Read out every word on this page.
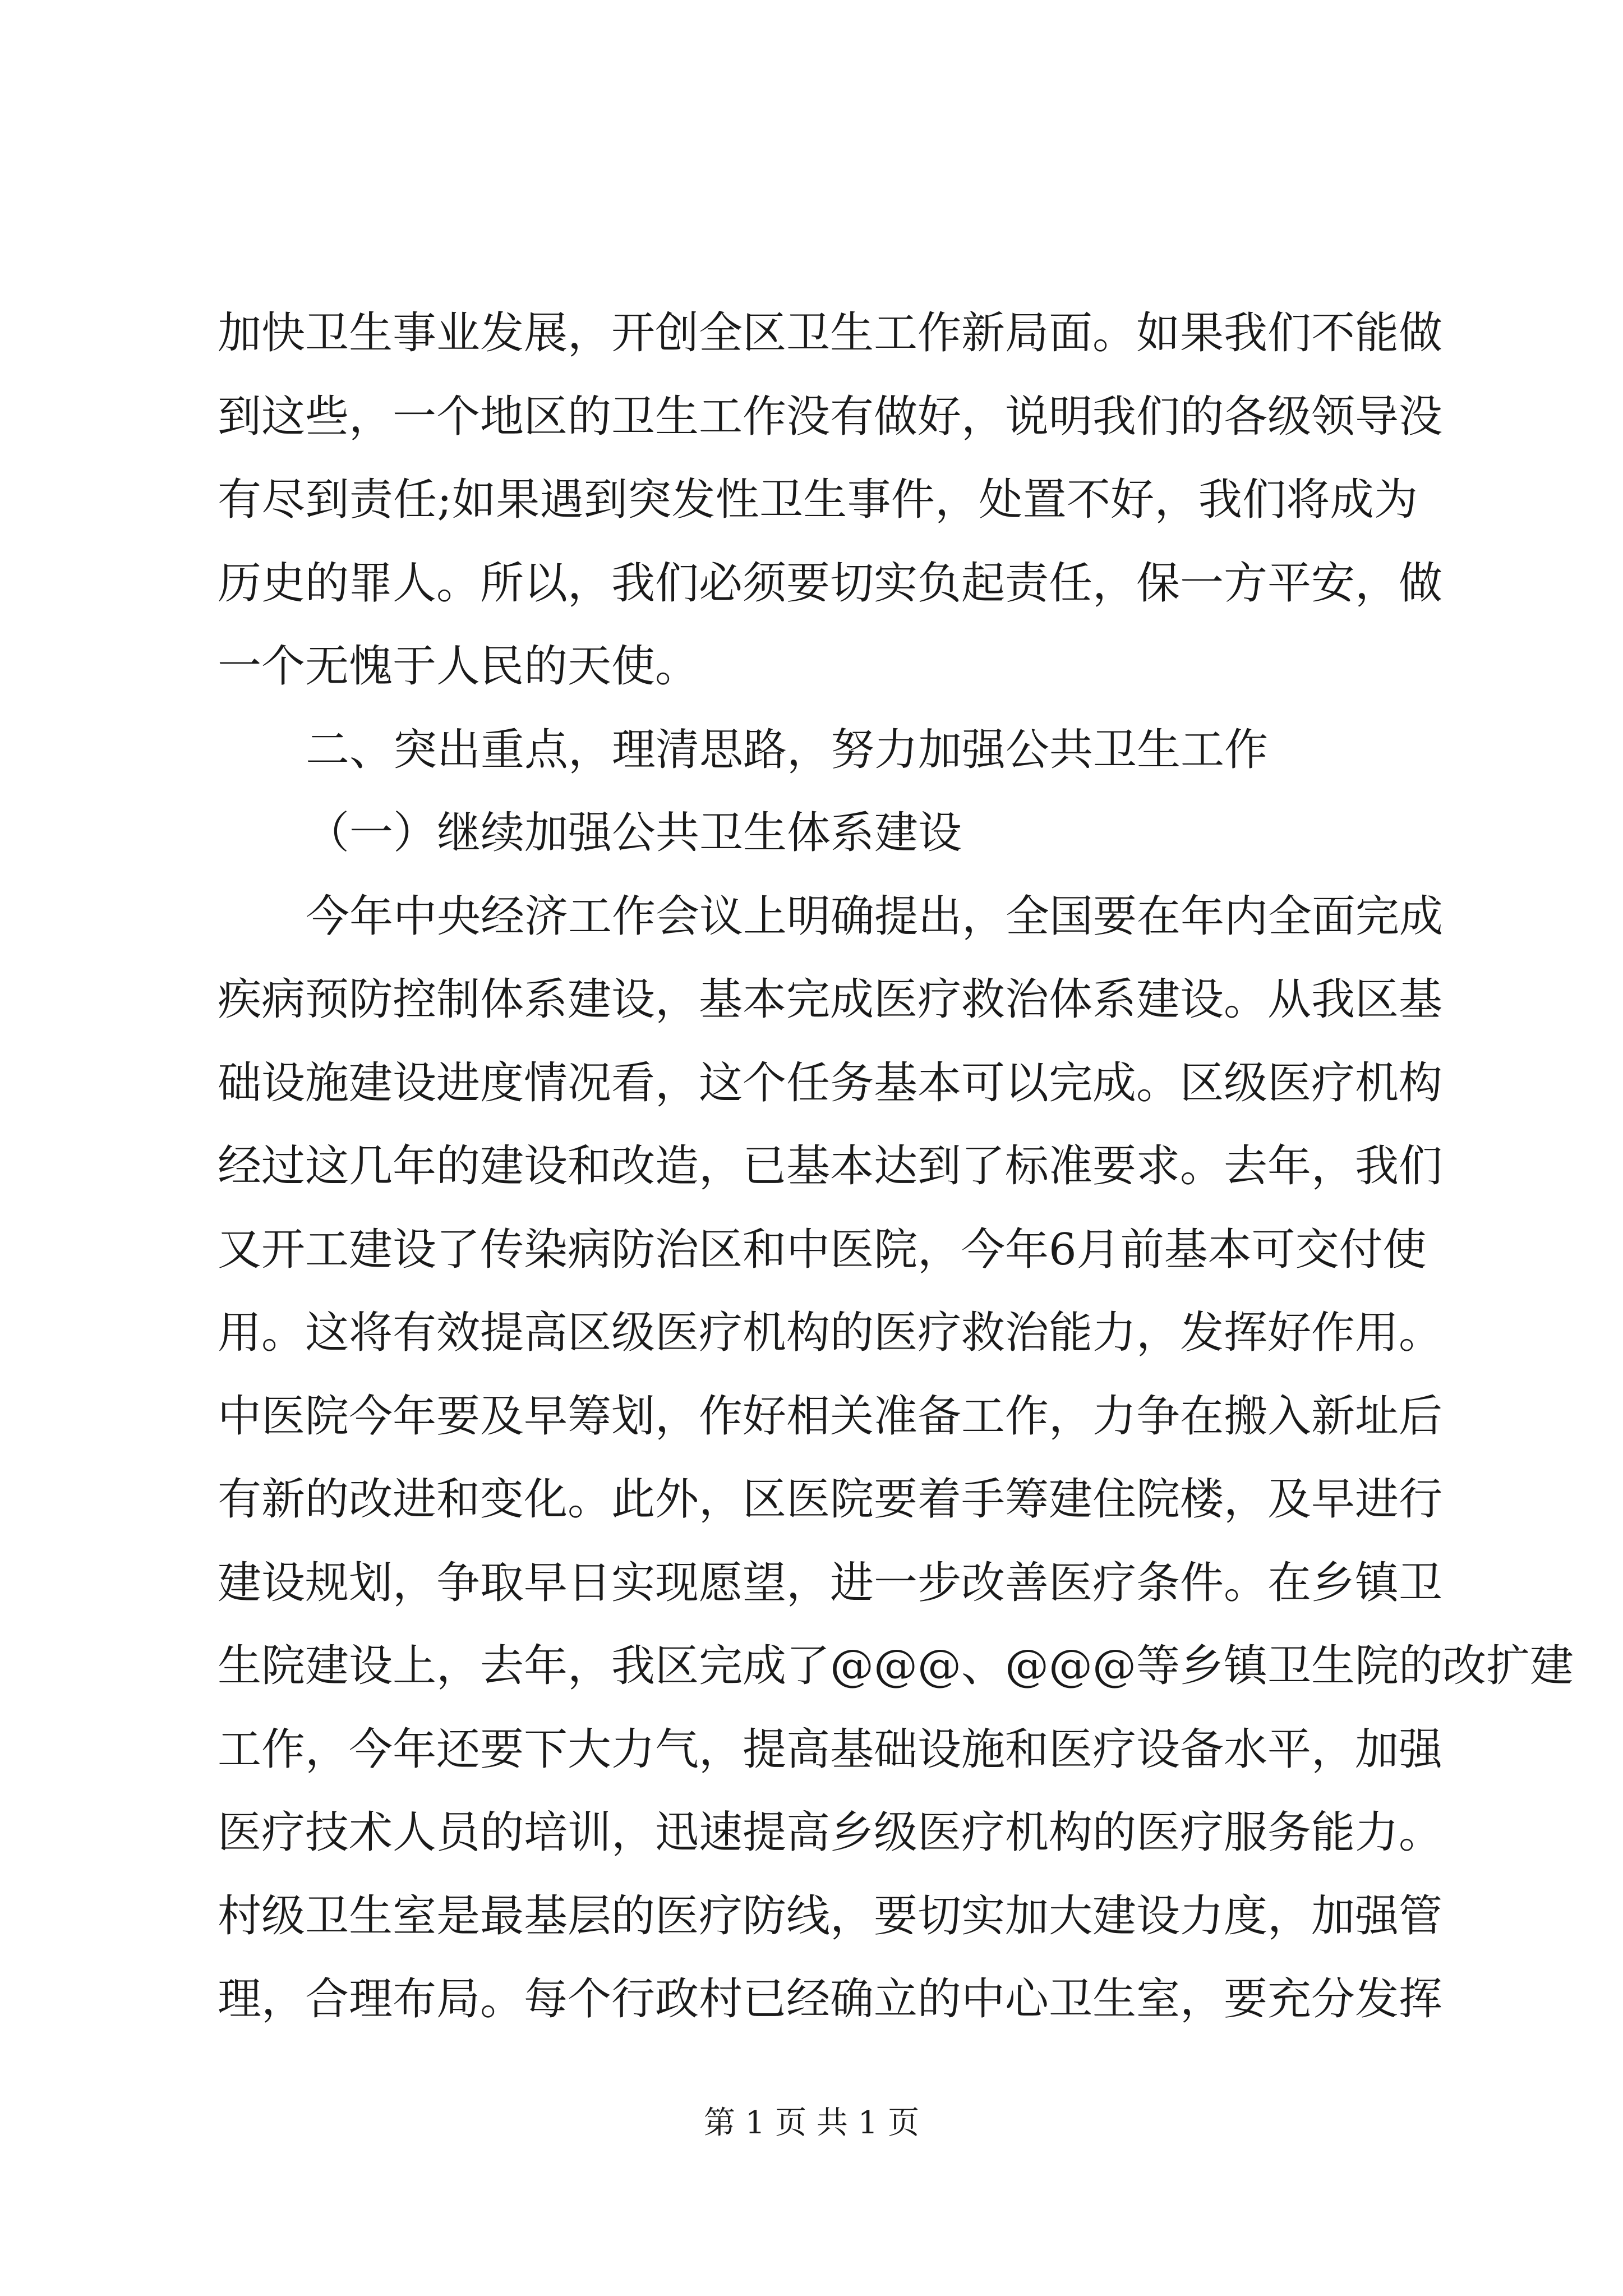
加快卫生事业发展，开创全区卫生工作新局面。如果我们不能做
到这些，一个地区的卫生工作没有做好，说明我们的各级领导没
有尽到责任;如果遇到突发性卫生事件，处置不好，我们将成为
历史的罪人。所以，我们必须要切实负起责任，保一方平安，做
一个无愧于人民的天使。
二、突出重点，理清思路，努力加强公共卫生工作
（一）继续加强公共卫生体系建设
今年中央经济工作会议上明确提出，全国要在年内全面完成
疾病预防控制体系建设，基本完成医疗救治体系建设。从我区基
础设施建设进度情况看，这个任务基本可以完成。区级医疗机构
经过这几年的建设和改造，已基本达到了标准要求。去年，我们
又开工建设了传染病防治区和中医院，今年6月前基本可交付使
用。这将有效提高区级医疗机构的医疗救治能力，发挥好作用。
中医院今年要及早筹划，作好相关准备工作，力争在搬入新址后
有新的改进和变化。此外，区医院要着手筹建住院楼，及早进行
建设规划，争取早日实现愿望，进一步改善医疗条件。在乡镇卫
生院建设上，去年，我区完成了@@@、@@@等乡镇卫生院的改扩建
工作，今年还要下大力气，提高基础设施和医疗设备水平，加强
医疗技术人员的培训，迅速提高乡级医疗机构的医疗服务能力。
村级卫生室是最基层的医疗防线，要切实加大建设力度，加强管
理，合理布局。每个行政村已经确立的中心卫生室，要充分发挥
第 1 页 共 1 页
